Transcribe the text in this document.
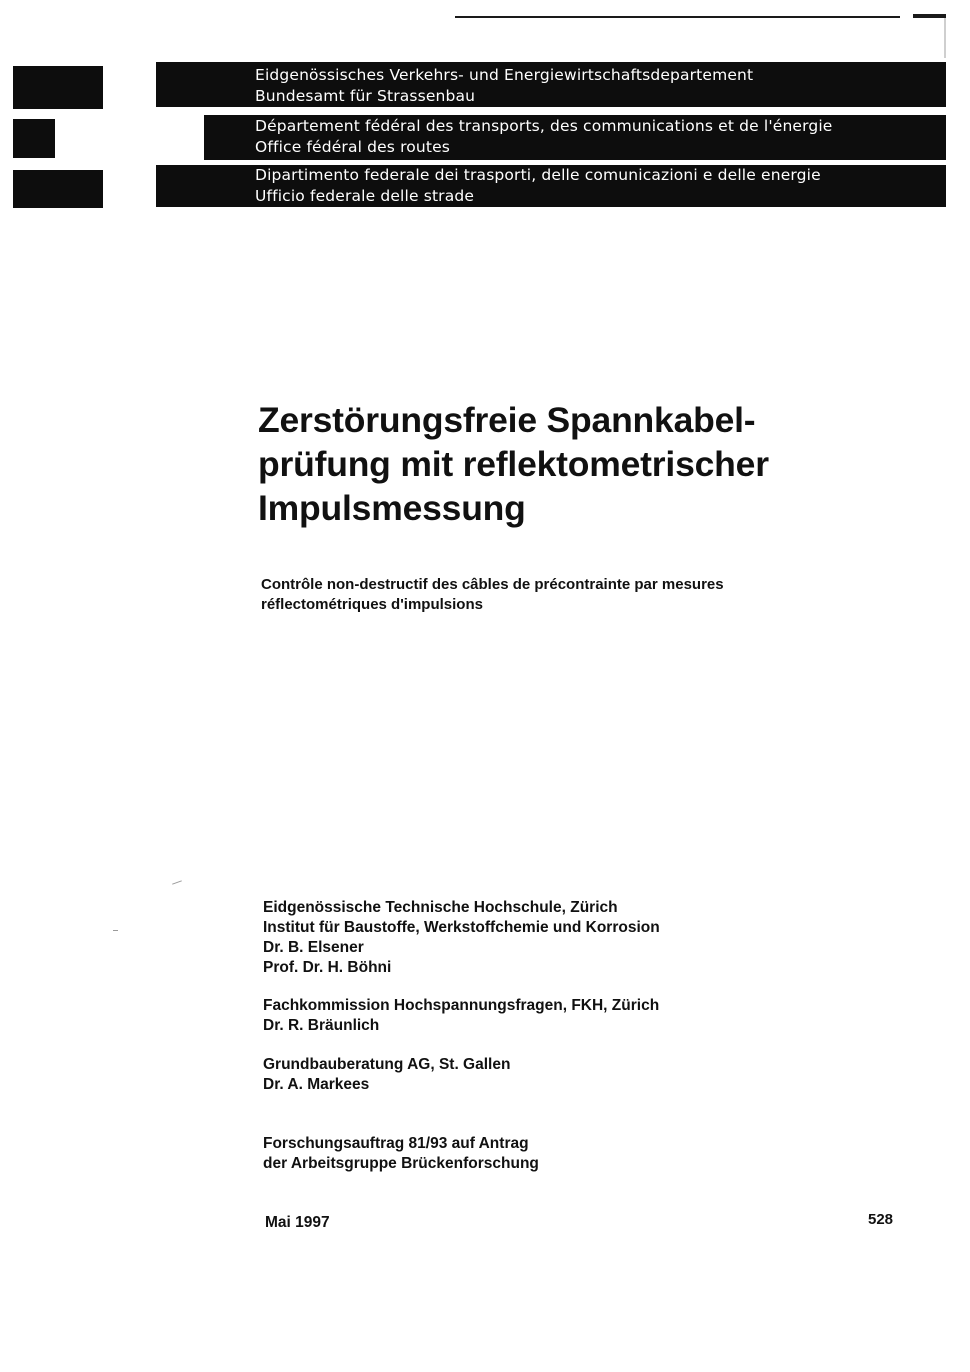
Eidgenössisches Verkehrs- und Energiewirtschaftsdepartement
Bundesamt für Strassenbau
Département fédéral des transports, des communications et de l'énergie
Office fédéral des routes
Dipartimento federale dei trasporti, delle comunicazioni e delle energie
Ufficio federale delle strade
Zerstörungsfreie Spannkabel-
prüfung mit reflektometrischer
Impulsmessung
Contrôle non-destructif des câbles de précontrainte par mesures
réflectométriques d'impulsions
Eidgenössische Technische Hochschule, Zürich
Institut für Baustoffe, Werkstoffchemie und Korrosion
Dr. B. Elsener
Prof. Dr. H. Böhni
Fachkommission Hochspannungsfragen, FKH, Zürich
Dr. R. Bräunlich
Grundbauberatung AG, St. Gallen
Dr. A. Markees
Forschungsauftrag 81/93 auf Antrag
der Arbeitsgruppe Brückenforschung
Mai 1997	528
